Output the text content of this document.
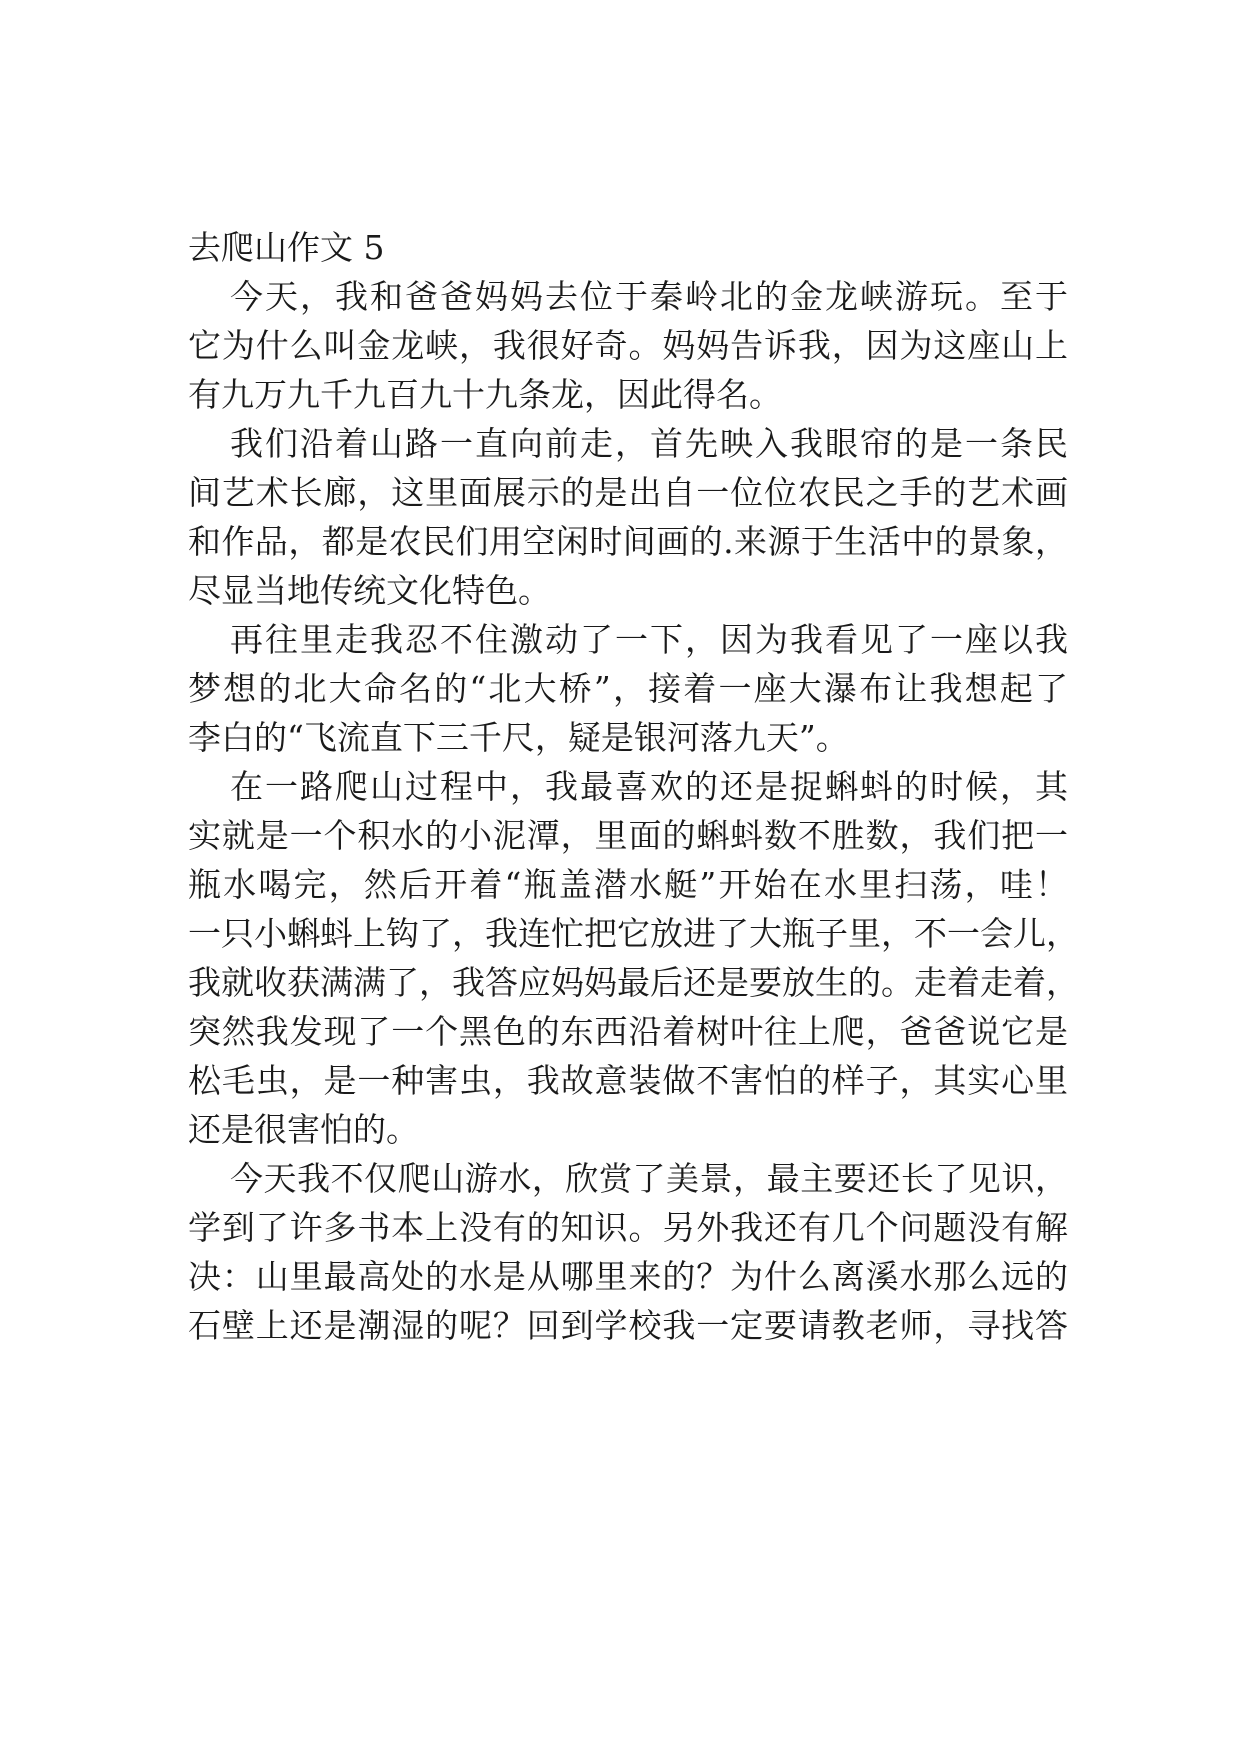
去爬山作文 5
今天，我和爸爸妈妈去位于秦岭北的金龙峡游玩。至于
它为什么叫金龙峡，我很好奇。妈妈告诉我，因为这座山上
有九万九千九百九十九条龙，因此得名。
我们沿着山路一直向前走，首先映入我眼帘的是一条民
间艺术长廊，这里面展示的是出自一位位农民之手的艺术画
和作品，都是农民们用空闲时间画的.来源于生活中的景象，
尽显当地传统文化特色。
再往里走我忍不住激动了一下，因为我看见了一座以我
梦想的北大命名的“北大桥”，接着一座大瀑布让我想起了
李白的“飞流直下三千尺，疑是银河落九天”。
在一路爬山过程中，我最喜欢的还是捉蝌蚪的时候，其
实就是一个积水的小泥潭，里面的蝌蚪数不胜数，我们把一
瓶水喝完，然后开着“瓶盖潜水艇”开始在水里扫荡，哇！
一只小蝌蚪上钩了，我连忙把它放进了大瓶子里，不一会儿，
我就收获满满了，我答应妈妈最后还是要放生的。走着走着，
突然我发现了一个黑色的东西沿着树叶往上爬，爸爸说它是
松毛虫，是一种害虫，我故意装做不害怕的样子，其实心里
还是很害怕的。
今天我不仅爬山游水，欣赏了美景，最主要还长了见识，
学到了许多书本上没有的知识。另外我还有几个问题没有解
决：山里最高处的水是从哪里来的？为什么离溪水那么远的
石壁上还是潮湿的呢？回到学校我一定要请教老师，寻找答
